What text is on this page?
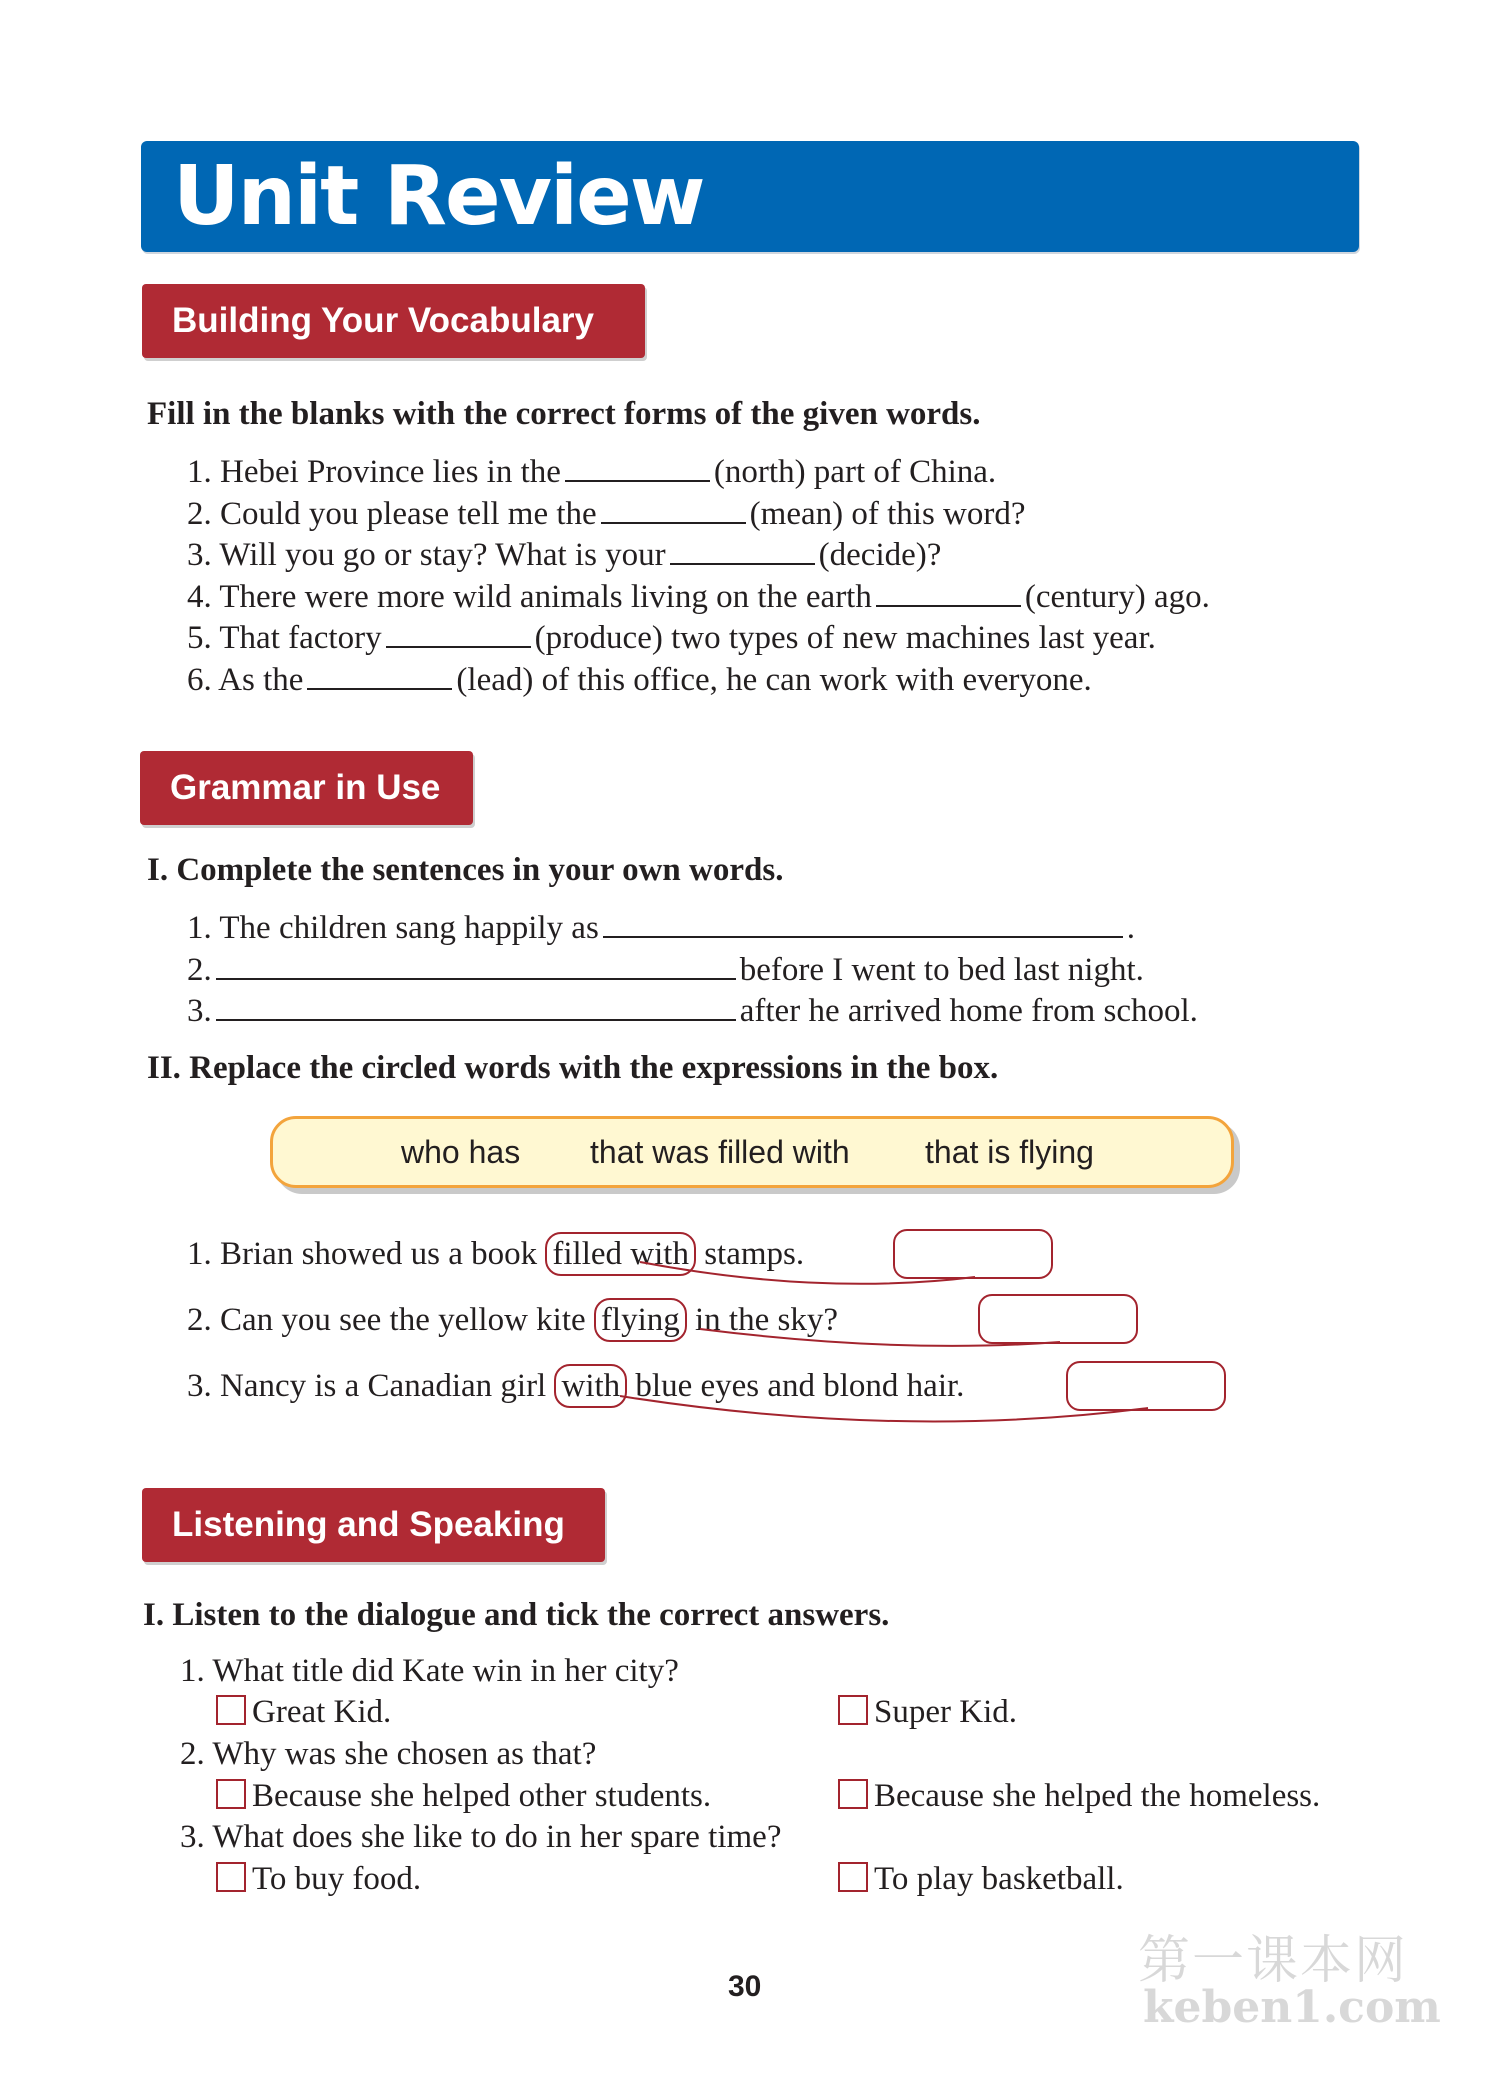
Unit Review
Building Your Vocabulary
Fill in the blanks with the correct forms of the given words.
1. Hebei Province lies in the	(north) part of China.
2. Could you please tell me the	(mean) of this word?
3. Will you go or stay? What is your	(decide)?
4. There were more wild animals living on the earth	(century) ago.
5. That factory	(produce) two types of new machines last year.
6. As the	(lead) of this office, he can work with everyone.
Grammar in Use
I. Complete the sentences in your own words.
1. The children sang happily as	.
2.	before I went to bed last night.
3.	after he arrived home from school.
II. Replace the circled words with the expressions in the box.
who has that was filled with that is flying
1. Brian showed us a book filled with stamps.
2. Can you see the yellow kite flying in the sky?
3. Nancy is a Canadian girl with blue eyes and blond hair.
Listening and Speaking
I. Listen to the dialogue and tick the correct answers.
1. What title did Kate win in her city?
Great Kid.	Super Kid.
2. Why was she chosen as that?
Because she helped other students.	Because she helped the homeless.
3. What does she like to do in her spare time?
To buy food.	To play basketball.
30	第一课本网
keben1.com
